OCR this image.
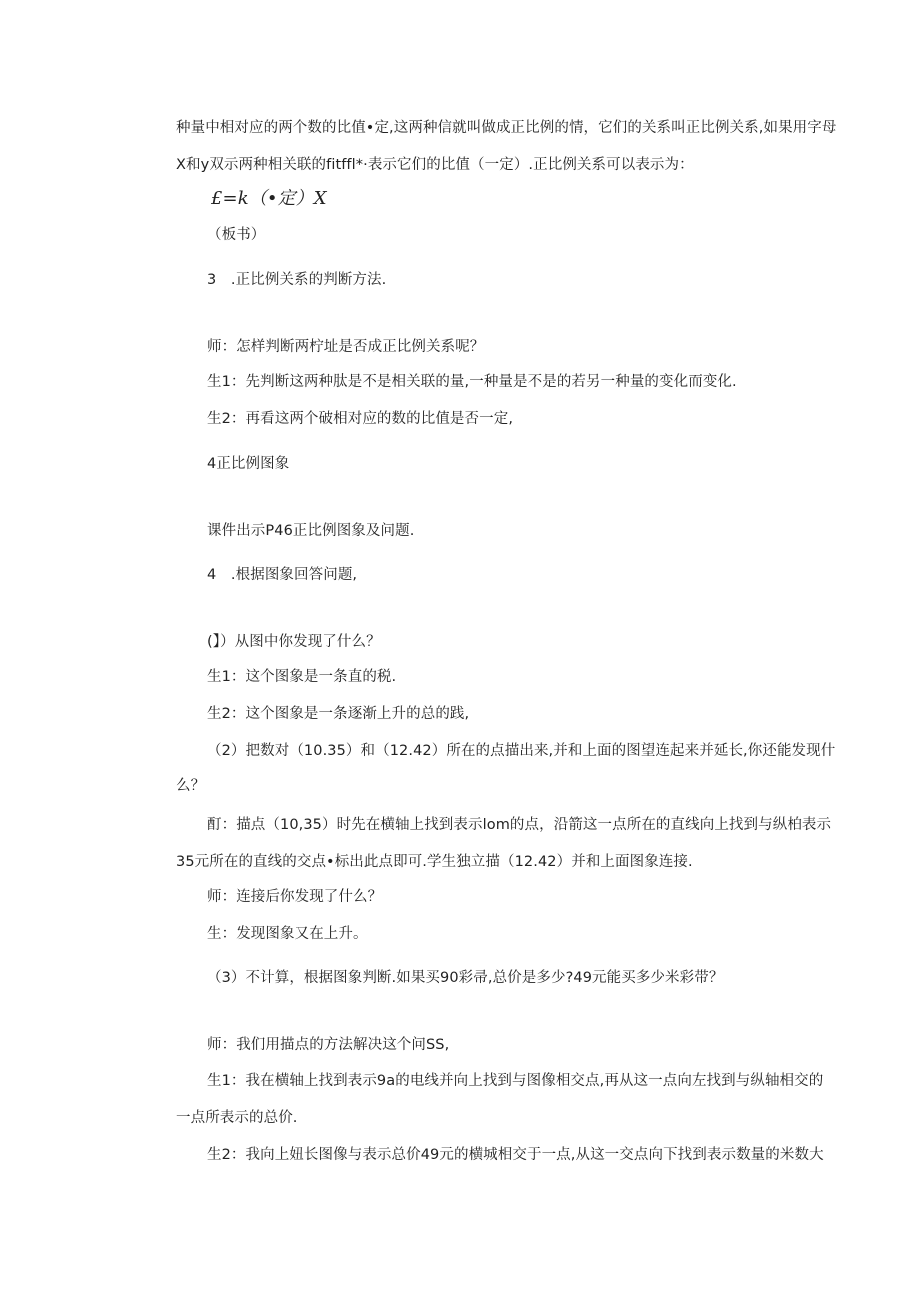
种量中相对应的两个数的比值•定,这两种信就叫做成正比例的情，它们的关系叫正比例关系,如果用字母

X和y双示两种相关联的fitffl*·表示它们的比值（一定）.正比例关系可以表示为：

£=k（•定）X

（板书）

3　.正比例关系的判断方法.

师：怎样判断两柠址是否成正比例关系呢？

生1：先判断这两种肽是不是相关联的量,一种量是不是的若另一种量的变化而变化.

生2：再看这两个破相对应的数的比值是否一定,

4正比例图象

课件出示P46正比例图象及问题.

4　.根据图象回答问题,

(】）从图中你发现了什么？

生1：这个图象是一条直的税.

生2：这个图象是一条逐渐上升的总的践,

（2）把数对（10.35）和（12.42）所在的点描出来,并和上面的图望连起来并延长,你还能发现什

么？

酊：描点（10,35）时先在横轴上找到表示lom的点，沿箭这一点所在的直线向上找到与纵柏表示

35元所在的直线的交点•标出此点即可.学生独立描（12.42）并和上面图象连接.

师：连接后你发现了什么？

生：发现图象又在上升。

（3）不计算，根据图象判断.如果买90彩帚,总价是多少?49元能买多少米彩带？

师：我们用描点的方法解决这个问SS,

生1：我在横轴上找到表示9a的电线并向上找到与图像相交点,再从这一点向左找到与纵轴相交的

一点所表示的总价.

生2：我向上妞长图像与表示总价49元的横城相交于一点,从这一交点向下找到表示数量的米数大
